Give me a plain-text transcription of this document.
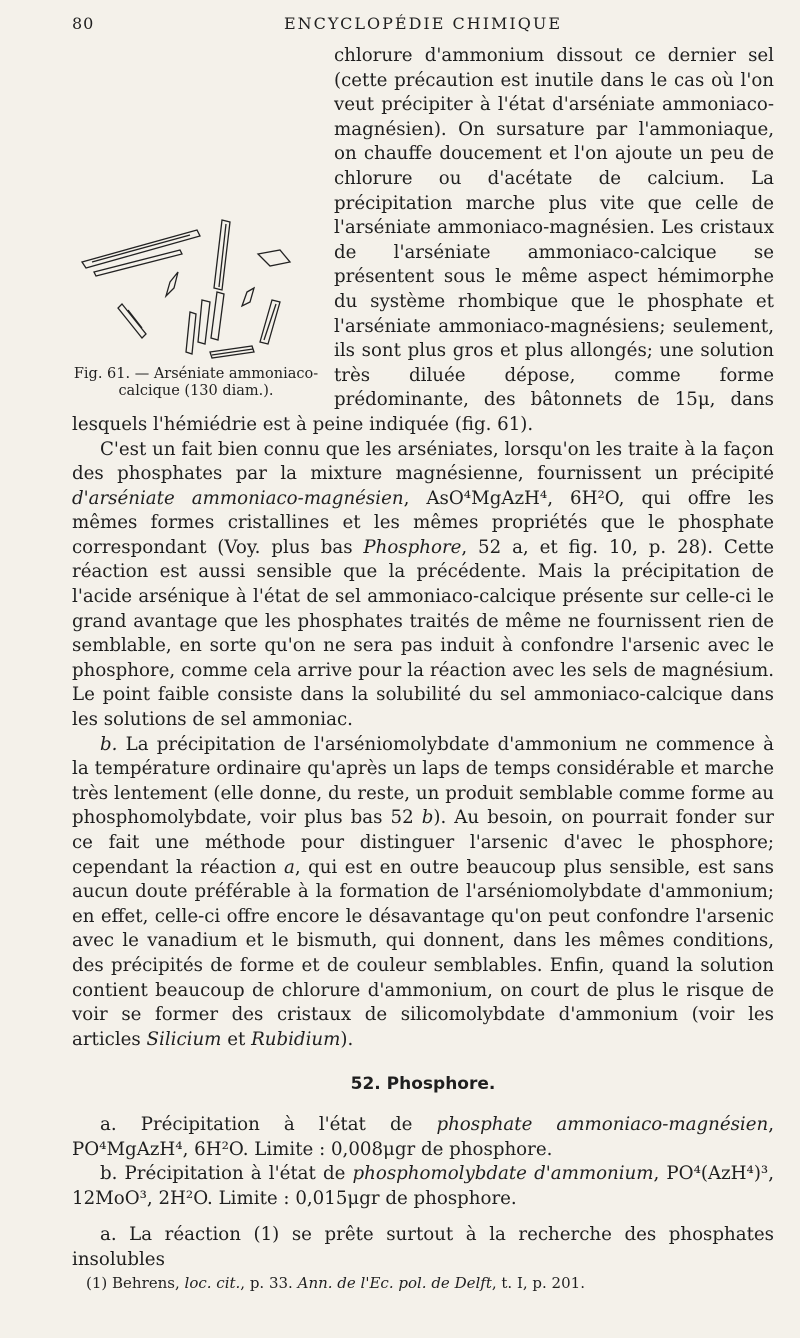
80	ENCYCLOPÉDIE CHIMIQUE

Fig. 61. — Arséniate ammoniaco-calcique (130 diam.).
chlorure d'ammonium dissout ce dernier sel (cette précaution est inutile dans le cas où l'on veut précipiter à l'état d'arséniate ammoniaco-magnésien). On sursature par l'ammoniaque, on chauffe doucement et l'on ajoute un peu de chlorure ou d'acétate de calcium. La précipitation marche plus vite que celle de l'arséniate ammoniaco-magnésien. Les cristaux de l'arséniate ammoniaco-calcique se présentent sous le même aspect hémimorphe du système rhombique que le phosphate et l'arséniate ammoniaco-magnésiens; seulement, ils sont plus gros et plus allongés; une solution très diluée dépose, comme forme prédominante, des bâtonnets de 15μ, dans lesquels l'hémiédrie est à peine indiquée (fig. 61).

C'est un fait bien connu que les arséniates, lorsqu'on les traite à la façon des phosphates par la mixture magnésienne, fournissent un précipité d'arséniate ammoniaco-magnésien, AsO⁴MgAzH⁴, 6H²O, qui offre les mêmes formes cristallines et les mêmes propriétés que le phosphate correspondant (Voy. plus bas Phosphore, 52 a, et fig. 10, p. 28). Cette réaction est aussi sensible que la précédente. Mais la précipitation de l'acide arsénique à l'état de sel ammoniaco-calcique présente sur celle-ci le grand avantage que les phosphates traités de même ne fournissent rien de semblable, en sorte qu'on ne sera pas induit à confondre l'arsenic avec le phosphore, comme cela arrive pour la réaction avec les sels de magnésium. Le point faible consiste dans la solubilité du sel ammoniaco-calcique dans les solutions de sel ammoniac.

b. La précipitation de l'arséniomolybdate d'ammonium ne commence à la température ordinaire qu'après un laps de temps considérable et marche très lentement (elle donne, du reste, un produit semblable comme forme au phosphomolybdate, voir plus bas 52 b). Au besoin, on pourrait fonder sur ce fait une méthode pour distinguer l'arsenic d'avec le phosphore; cependant la réaction a, qui est en outre beaucoup plus sensible, est sans aucun doute préférable à la formation de l'arséniomolybdate d'ammonium; en effet, celle-ci offre encore le désavantage qu'on peut confondre l'arsenic avec le vanadium et le bismuth, qui donnent, dans les mêmes conditions, des précipités de forme et de couleur semblables. Enfin, quand la solution contient beaucoup de chlorure d'ammonium, on court de plus le risque de voir se former des cristaux de silicomolybdate d'ammonium (voir les articles Silicium et Rubidium).

52. Phosphore.

a. Précipitation à l'état de phosphate ammoniaco-magnésien, PO⁴MgAzH⁴, 6H²O. Limite : 0,008μgr de phosphore.

b. Précipitation à l'état de phosphomolybdate d'ammonium, PO⁴(AzH⁴)³, 12MoO³, 2H²O. Limite : 0,015μgr de phosphore.

a. La réaction (1) se prête surtout à la recherche des phosphates insolubles

(1) Behrens, loc. cit., p. 33. Ann. de l'Ec. pol. de Delft, t. I, p. 201.
